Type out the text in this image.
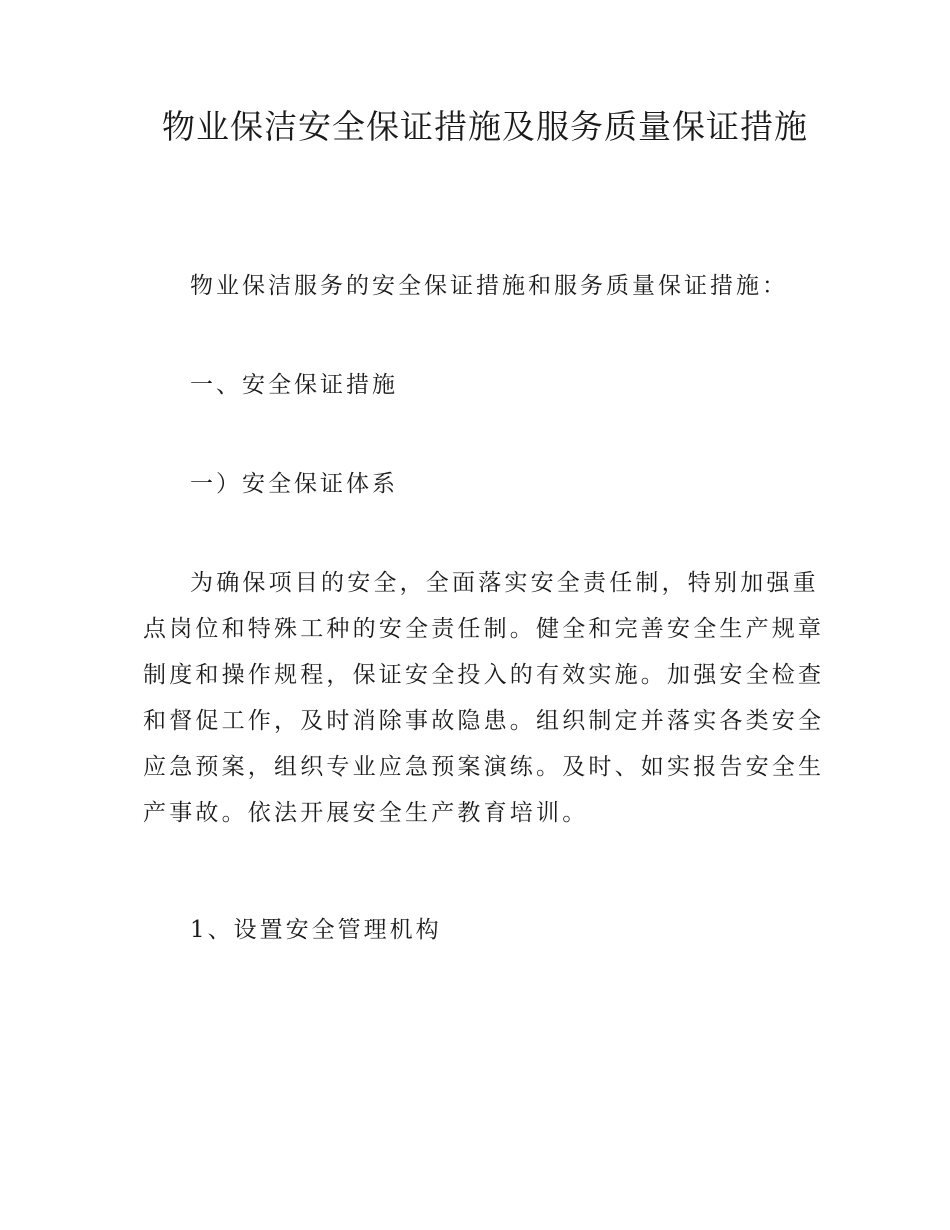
物业保洁安全保证措施及服务质量保证措施

物业保洁服务的安全保证措施和服务质量保证措施：

一、安全保证措施

一）安全保证体系

为确保项目的安全，全面落实安全责任制，特别加强重点岗位和特殊工种的安全责任制。健全和完善安全生产规章制度和操作规程，保证安全投入的有效实施。加强安全检查和督促工作，及时消除事故隐患。组织制定并落实各类安全应急预案，组织专业应急预案演练。及时、如实报告安全生产事故。依法开展安全生产教育培训。

1、设置安全管理机构
